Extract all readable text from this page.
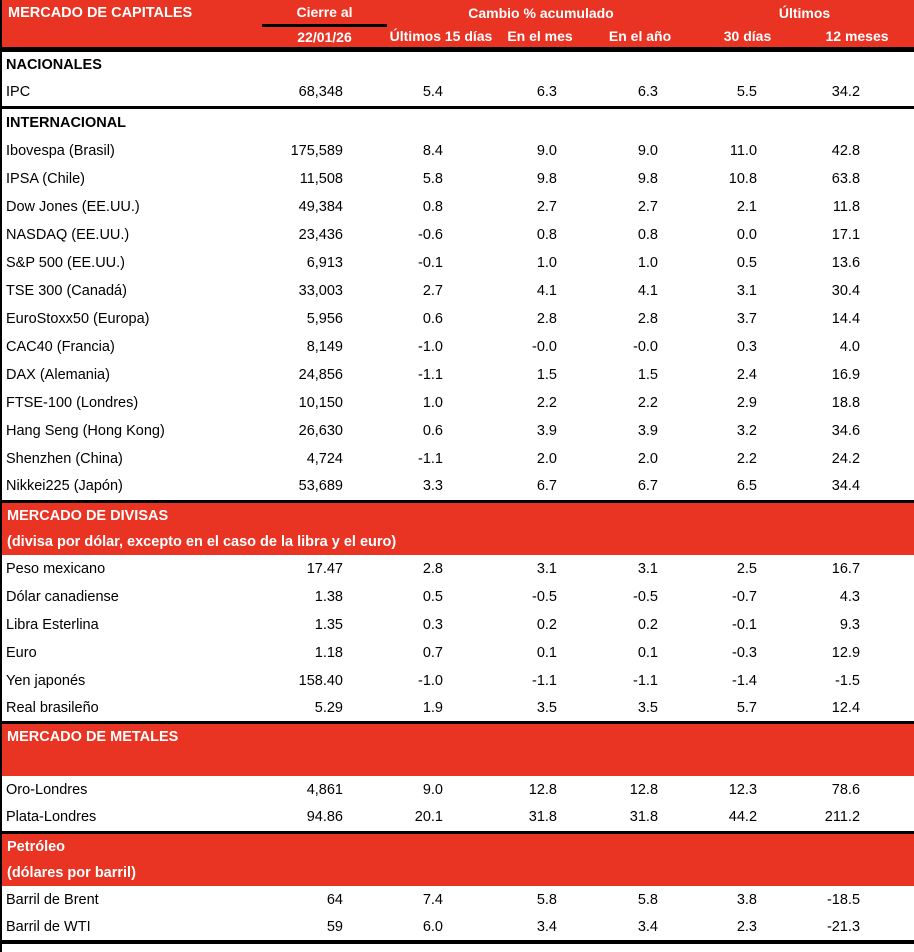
MERCADO DE CAPITALES	Cierre al	Cambio % acumulado			Últimos	
	22/01/26	Últimos 15 días	En el mes	En el año	30 días	12 meses
NACIONALES						
IPC	68,348	5.4	6.3	6.3	5.5	34.2
INTERNACIONAL						
Ibovespa (Brasil)	175,589	8.4	9.0	9.0	11.0	42.8
IPSA (Chile)	11,508	5.8	9.8	9.8	10.8	63.8
Dow Jones (EE.UU.)	49,384	0.8	2.7	2.7	2.1	11.8
NASDAQ (EE.UU.)	23,436	-0.6	0.8	0.8	0.0	17.1
S&P 500 (EE.UU.)	6,913	-0.1	1.0	1.0	0.5	13.6
TSE 300 (Canadá)	33,003	2.7	4.1	4.1	3.1	30.4
EuroStoxx50 (Europa)	5,956	0.6	2.8	2.8	3.7	14.4
CAC40 (Francia)	8,149	-1.0	-0.0	-0.0	0.3	4.0
DAX (Alemania)	24,856	-1.1	1.5	1.5	2.4	16.9
FTSE-100 (Londres)	10,150	1.0	2.2	2.2	2.9	18.8
Hang Seng (Hong Kong)	26,630	0.6	3.9	3.9	3.2	34.6
Shenzhen (China)	4,724	-1.1	2.0	2.0	2.2	24.2
Nikkei225 (Japón)	53,689	3.3	6.7	6.7	6.5	34.4

MERCADO DE DIVISAS
(divisa por dólar, excepto en el caso de la libra y el euro)						

Peso mexicano	17.47	2.8	3.1	3.1	2.5	16.7
Dólar canadiense	1.38	0.5	-0.5	-0.5	-0.7	4.3
Libra Esterlina	1.35	0.3	0.2	0.2	-0.1	9.3
Euro	1.18	0.7	0.1	0.1	-0.3	12.9
Yen japonés	158.40	-1.0	-1.1	-1.1	-1.4	-1.5
Real brasileño	5.29	1.9	3.5	3.5	5.7	12.4

MERCADO DE METALES						

Oro-Londres	4,861	9.0	12.8	12.8	12.3	78.6
Plata-Londres	94.86	20.1	31.8	31.8	44.2	211.2

Petróleo
(dólares por barril)						

Barril de Brent	64	7.4	5.8	5.8	3.8	-18.5
Barril de WTI	59	6.0	3.4	3.4	2.3	-21.3
